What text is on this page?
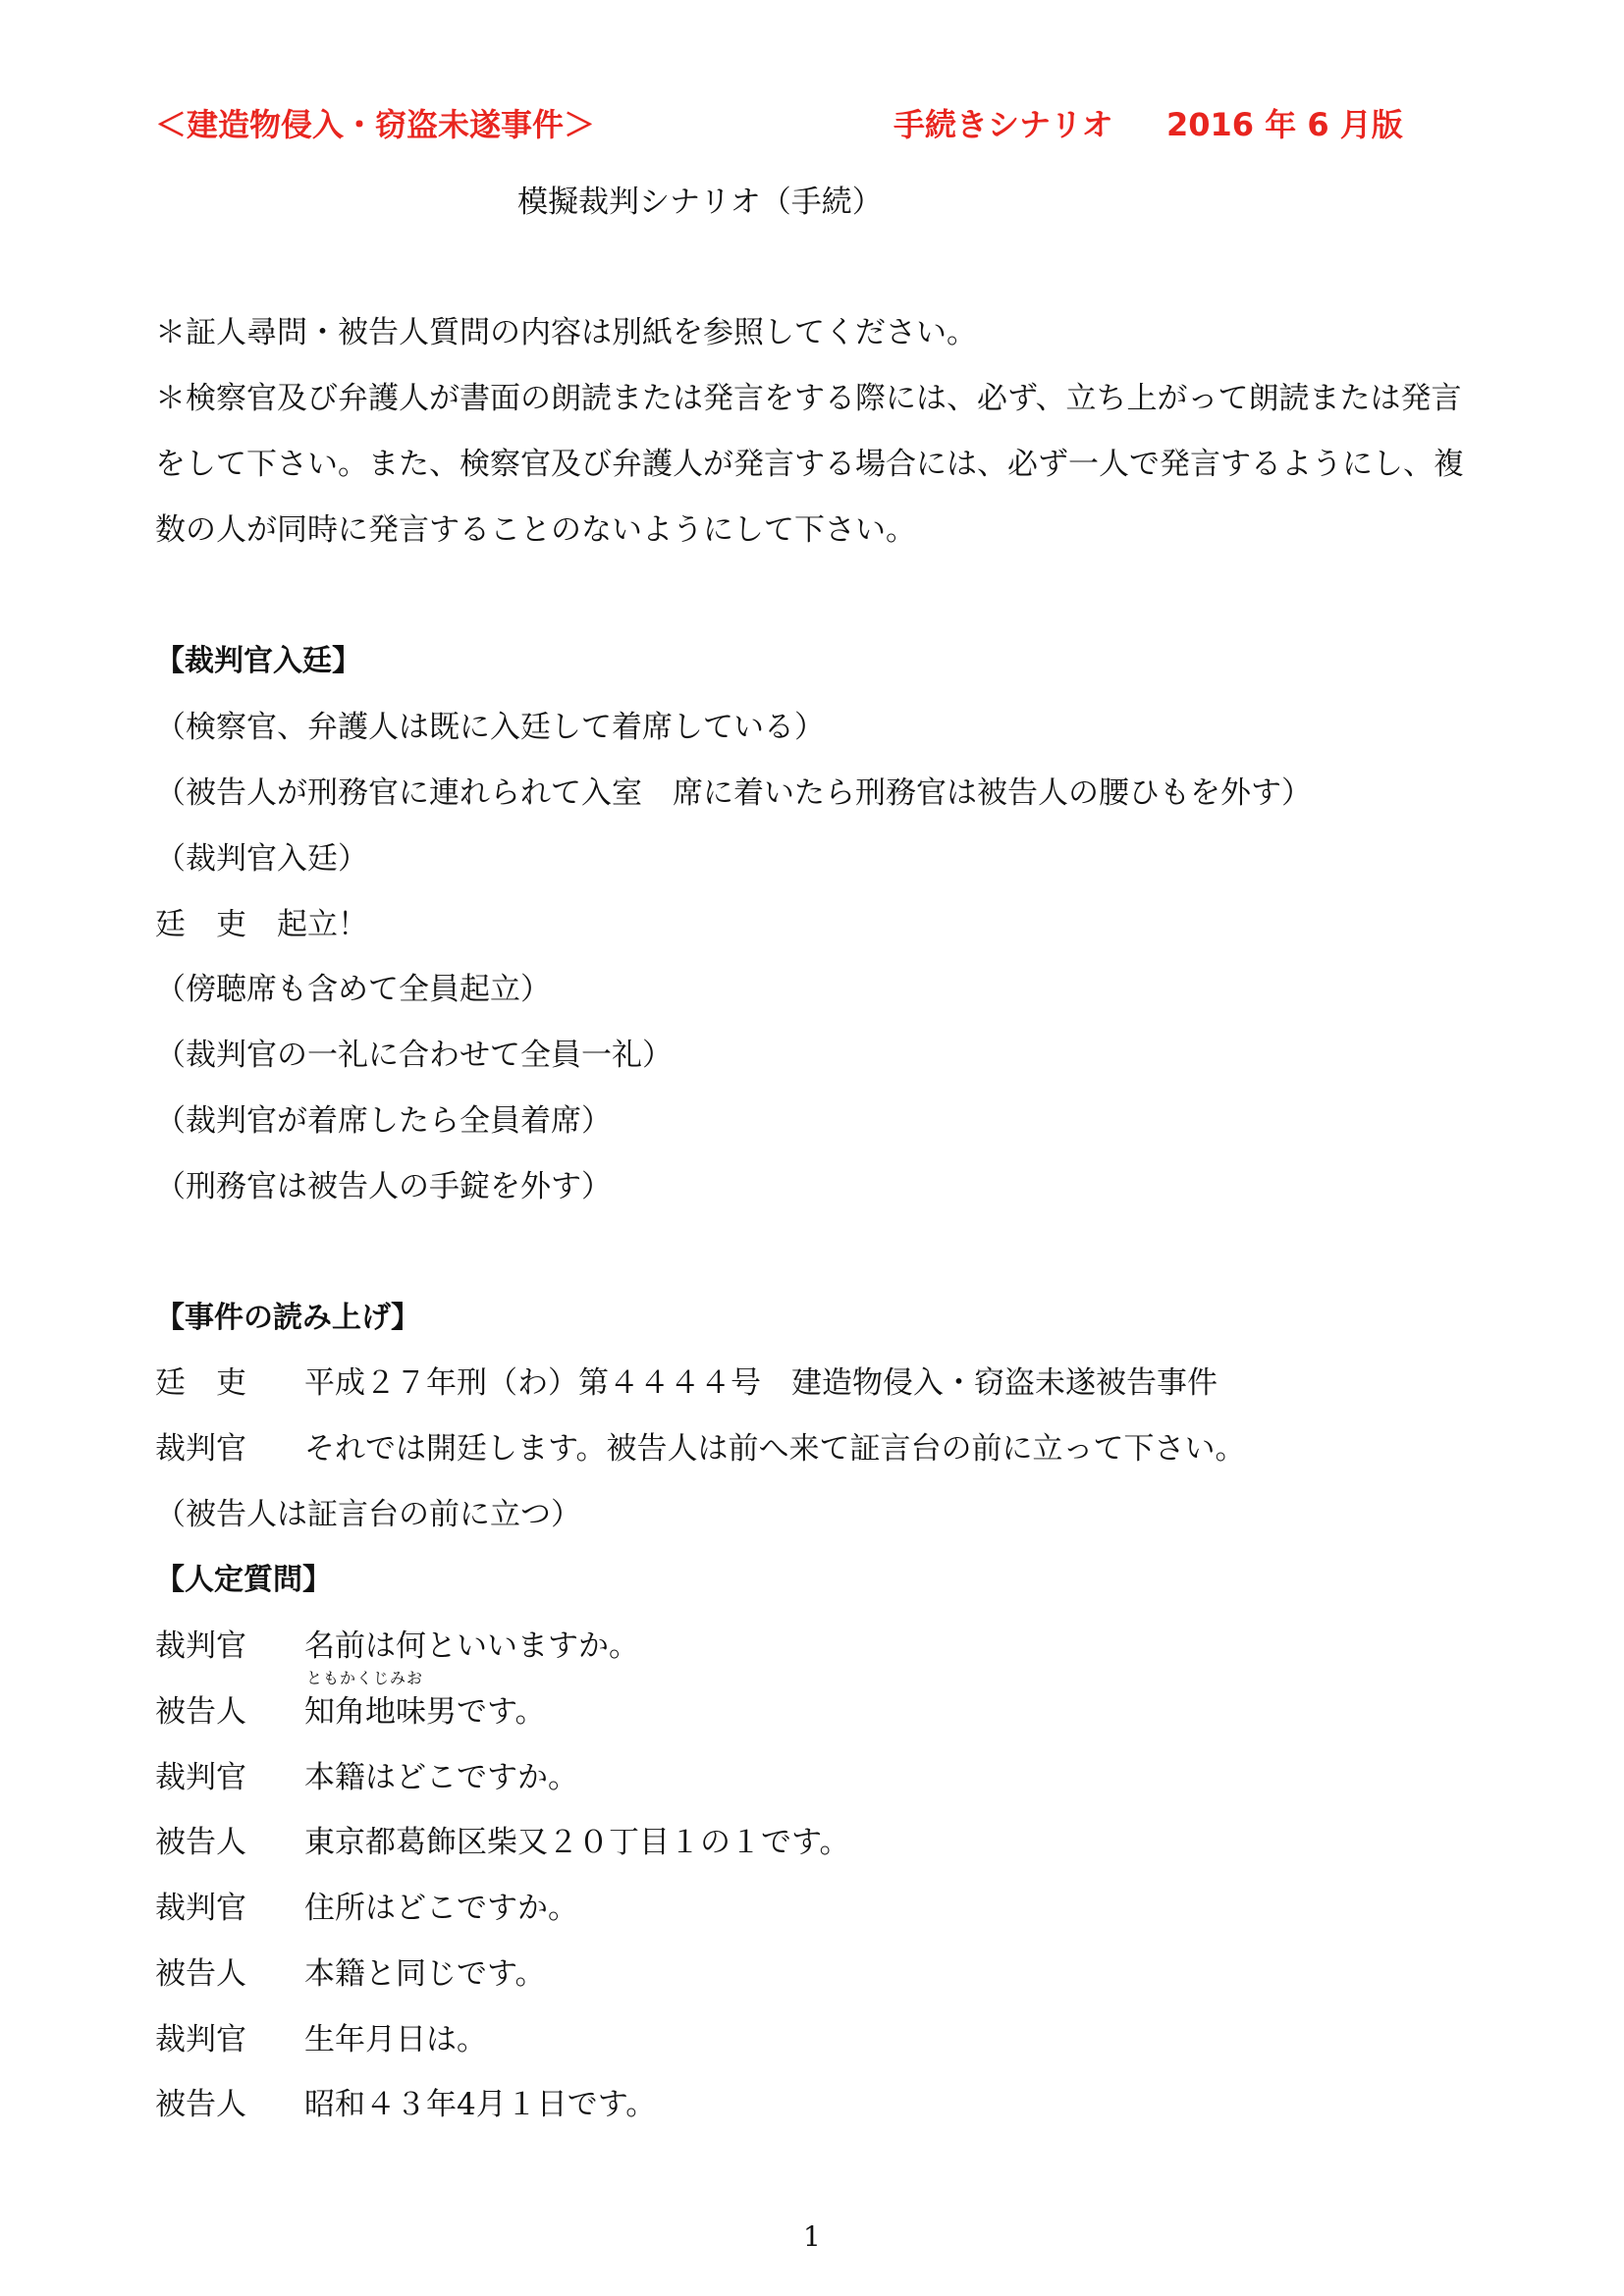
＜建造物侵入・窃盗未遂事件＞	手続きシナリオ 2016 年 6 月版
模擬裁判シナリオ（手続）
＊証人尋問・被告人質問の内容は別紙を参照してください。
＊検察官及び弁護人が書面の朗読または発言をする際には、必ず、立ち上がって朗読または発言
をして下さい。また、検察官及び弁護人が発言する場合には、必ず一人で発言するようにし、複
数の人が同時に発言することのないようにして下さい。
【裁判官入廷】
（検察官、弁護人は既に入廷して着席している）
（被告人が刑務官に連れられて入室　席に着いたら刑務官は被告人の腰ひもを外す）
（裁判官入廷）
廷　吏　起立！
（傍聴席も含めて全員起立）
（裁判官の一礼に合わせて全員一礼）
（裁判官が着席したら全員着席）
（刑務官は被告人の手錠を外す）
【事件の読み上げ】
廷　吏 平成２７年刑（わ）第４４４４号　建造物侵入・窃盗未遂被告事件
裁判官 それでは開廷します。被告人は前へ来て証言台の前に立って下さい。
（被告人は証言台の前に立つ）
【人定質問】
裁判官 名前は何といいますか。
ともかくじみお
被告人 知角地味男です。
裁判官 本籍はどこですか。
被告人 東京都葛飾区柴又２０丁目１の１です。
裁判官 住所はどこですか。
被告人 本籍と同じです。
裁判官 生年月日は。
被告人 昭和４３年4月１日です。
1
